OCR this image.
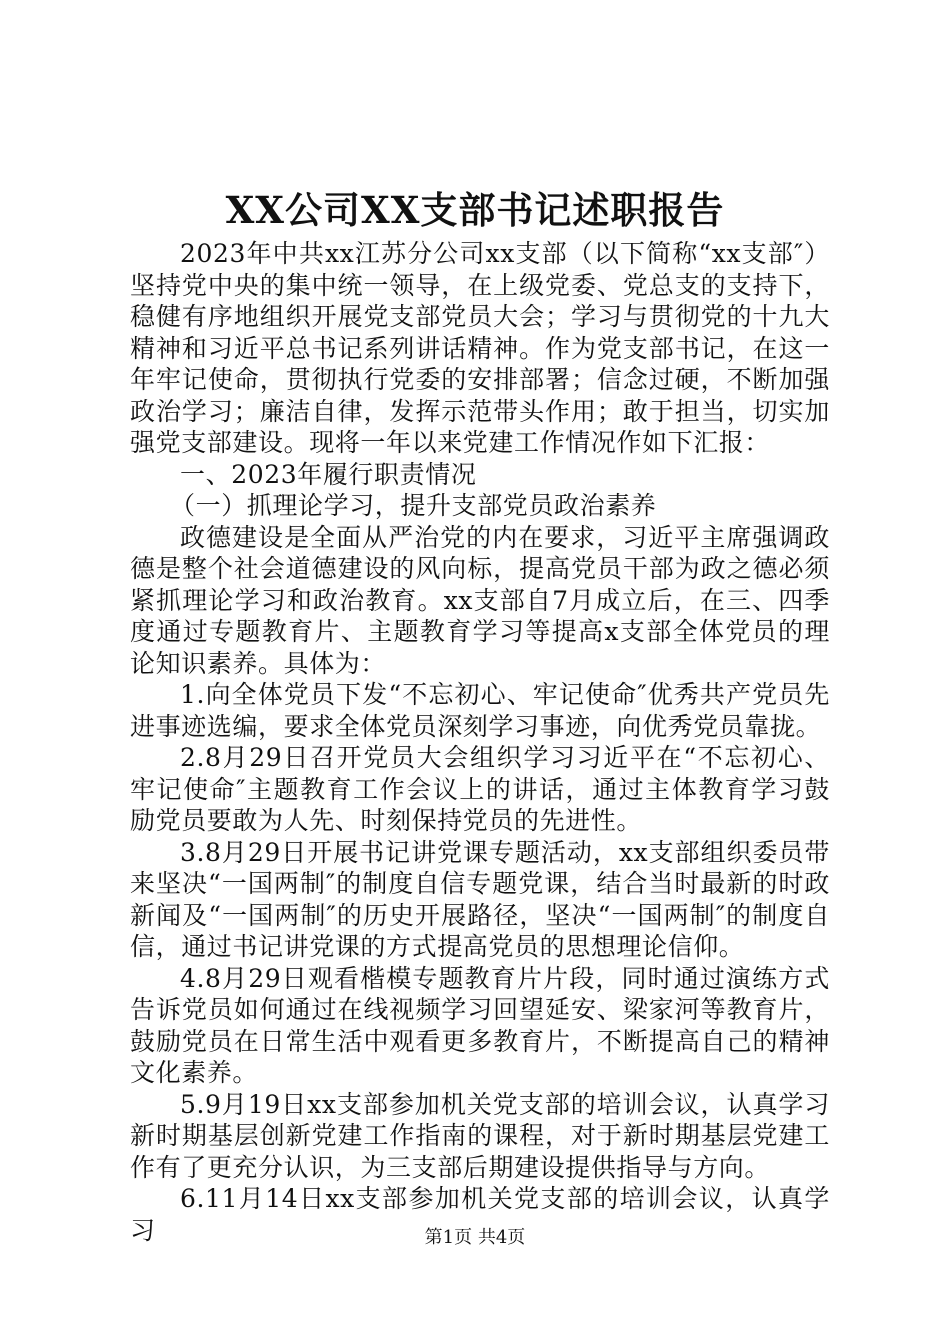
XX公司XX支部书记述职报告

2023年中共xx江苏分公司xx支部（以下简称“xx支部″）坚持党中央的集中统一领导，在上级党委、党总支的支持下，稳健有序地组织开展党支部党员大会；学习与贯彻党的十九大精神和习近平总书记系列讲话精神。作为党支部书记，在这一年牢记使命，贯彻执行党委的安排部署；信念过硬，不断加强政治学习；廉洁自律，发挥示范带头作用；敢于担当，切实加强党支部建设。现将一年以来党建工作情况作如下汇报：

一、2023年履行职责情况

（一）抓理论学习，提升支部党员政治素养

政德建设是全面从严治党的内在要求，习近平主席强调政德是整个社会道德建设的风向标，提高党员干部为政之德必须紧抓理论学习和政治教育。xx支部自7月成立后，在三、四季度通过专题教育片、主题教育学习等提高x支部全体党员的理论知识素养。具体为：

1.向全体党员下发“不忘初心、牢记使命″优秀共产党员先进事迹选编，要求全体党员深刻学习事迹，向优秀党员靠拢。

2.8月29日召开党员大会组织学习习近平在“不忘初心、牢记使命″主题教育工作会议上的讲话，通过主体教育学习鼓励党员要敢为人先、时刻保持党员的先进性。

3.8月29日开展书记讲党课专题活动，xx支部组织委员带来坚决“一国两制″的制度自信专题党课，结合当时最新的时政新闻及“一国两制″的历史开展路径，坚决“一国两制″的制度自信，通过书记讲党课的方式提高党员的思想理论信仰。

4.8月29日观看楷模专题教育片片段，同时通过演练方式告诉党员如何通过在线视频学习回望延安、梁家河等教育片，鼓励党员在日常生活中观看更多教育片，不断提高自己的精神文化素养。

5.9月19日xx支部参加机关党支部的培训会议，认真学习新时期基层创新党建工作指南的课程，对于新时期基层党建工作有了更充分认识，为三支部后期建设提供指导与方向。

6.11月14日xx支部参加机关党支部的培训会议，认真学习	第1页 共4页
